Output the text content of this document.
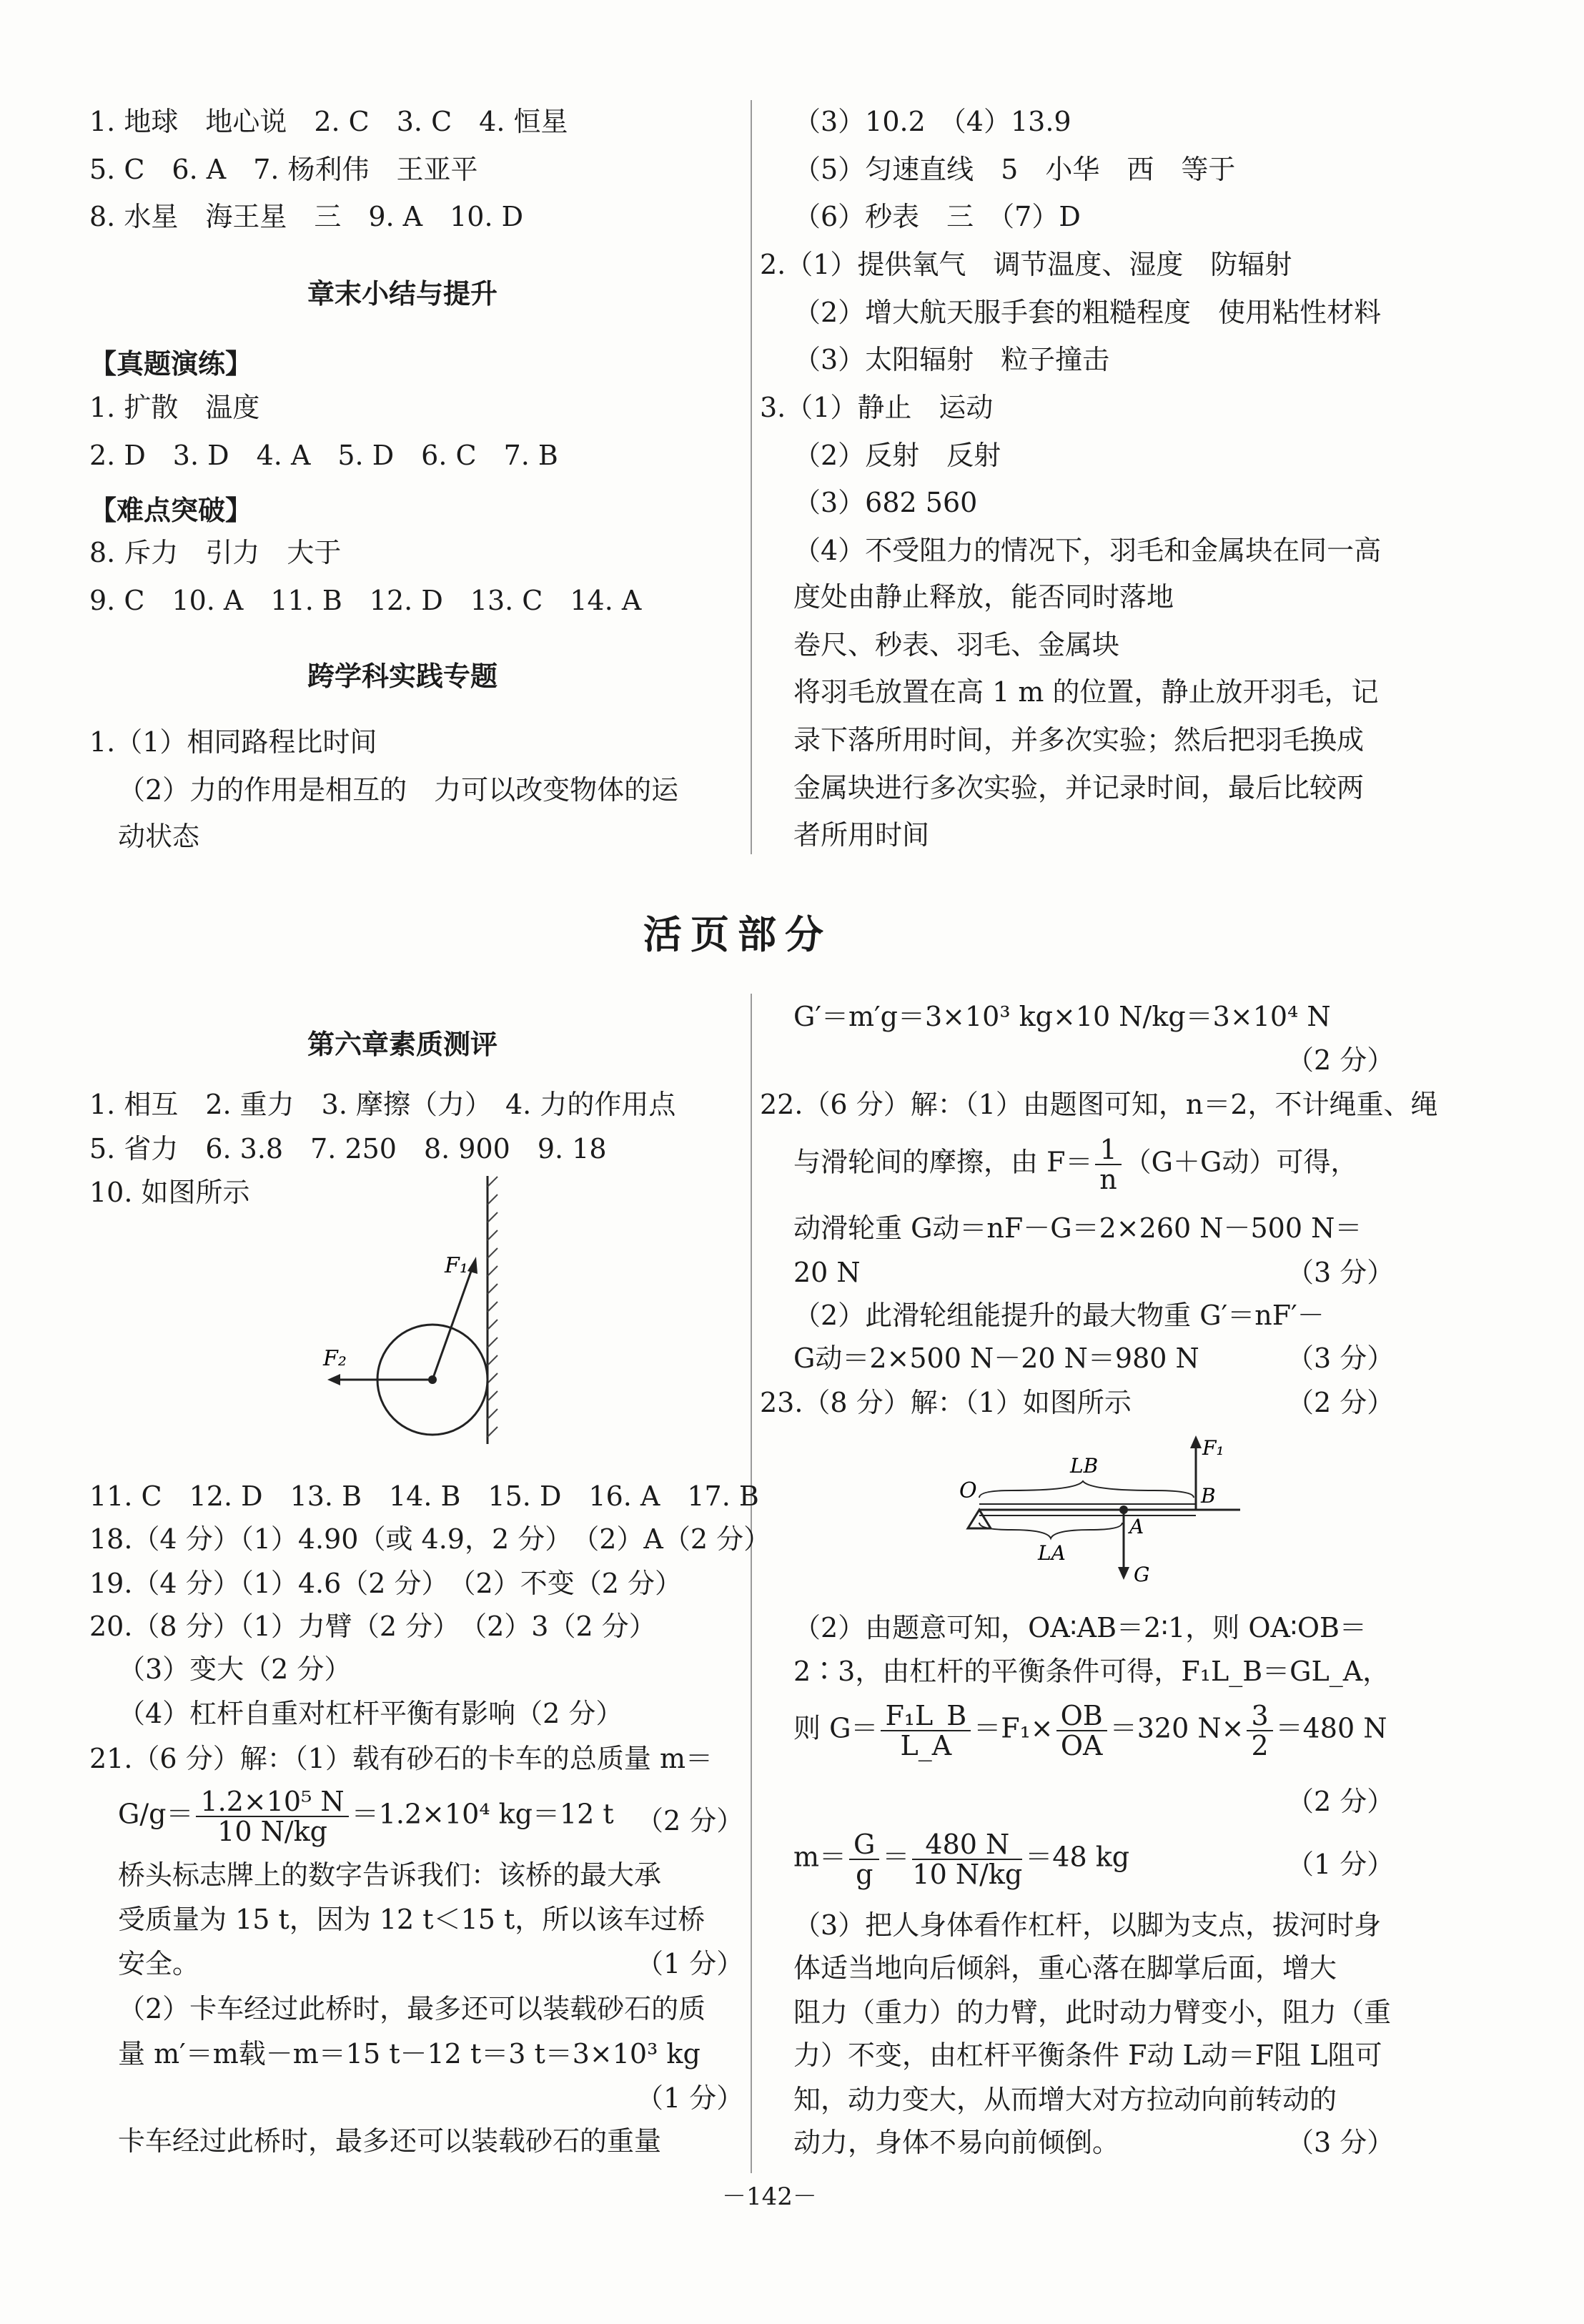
1. 地球　地心说　2. C　3. C　4. 恒星
5. C　6. A　7. 杨利伟　王亚平
8. 水星　海王星　三　9. A　10. D
章末小结与提升
【真题演练】
1. 扩散　温度
2. D　3. D　4. A　5. D　6. C　7. B
【难点突破】
8. 斥力　引力　大于
9. C　10. A　11. B　12. D　13. C　14. A
跨学科实践专题
1.（1）相同路程比时间
（2）力的作用是相互的　力可以改变物体的运
动状态
（3）10.2　（4）13.9
（5）匀速直线　5　小华　西　等于
（6）秒表　三　（7）D
2.（1）提供氧气　调节温度、湿度　防辐射
（2）增大航天服手套的粗糙程度　使用粘性材料
（3）太阳辐射　粒子撞击
3.（1）静止　运动
（2）反射　反射
（3）682 560
（4）不受阻力的情况下，羽毛和金属块在同一高
度处由静止释放，能否同时落地
卷尺、秒表、羽毛、金属块
将羽毛放置在高 1 m 的位置，静止放开羽毛，记
录下落所用时间，并多次实验；然后把羽毛换成
金属块进行多次实验，并记录时间，最后比较两
者所用时间
活页部分
第六章素质测评
1. 相互　2. 重力　3. 摩擦（力）　4. 力的作用点
5. 省力　6. 3.8　7. 250　8. 900　9. 18
10. 如图所示
F₁
F₂
11. C　12. D　13. B　14. B　15. D　16. A　17. B
18.（4 分）（1）4.90（或 4.9，2 分）　（2）A（2 分）
19.（4 分）（1）4.6（2 分）　（2）不变（2 分）
20.（8 分）（1）力臂（2 分）　（2）3（2 分）
（3）变大（2 分）
（4）杠杆自重对杠杆平衡有影响（2 分）
21.（6 分）解：（1）载有砂石的卡车的总质量 m＝
$G/g= \frac{\text{1.2×10⁵ N}}{10 N/kg} =1.2\times 10^4$ kg＝12 t （2 分）
桥头标志牌上的数字告诉我们：该桥的最大承
受质量为 15 t，因为 12 t＜15 t，所以该车过桥
安全。	（1 分）
（2）卡车经过此桥时，最多还可以装载砂石的质
量 m′＝m载－m＝15 t－12 t＝3 t＝3×10³ kg
（1 分）
卡车经过此桥时，最多还可以装载砂石的重量
G′＝m′g＝3×10³ kg×10 N/kg＝3×10⁴ N
（2 分）
22.（6 分）解：（1）由题图可知，n＝2，不计绳重、绳
与滑轮间的摩擦，由 $F= \frac{1}{n} (G+G$动）可得，
动滑轮重 G动＝nF－G＝2×260 N－500 N＝
20 N	（3 分）
（2）此滑轮组能提升的最大物重 G′＝nF′－
G动＝2×500 N－20 N＝980 N	（3 分）
23.（8 分）解：（1）如图所示	（2 分）
O
LB
LA
A
B
F₁
G
（2）由题意可知，OA∶AB＝2∶1，则 OA∶OB＝
2∶3，由杠杆的平衡条件可得，F₁L_B＝GL_A，
则 $G= \frac{\text{F₁L\_B}}{L\_A} =F_1\times \frac{OB}{OA} =320$ $N\times \frac{3}{2} =480$ N
（2 分）
$m= \frac{G}{g} = \frac{480 N}{10 N/kg} =48$ kg	（1 分）
（3）把人身体看作杠杆，以脚为支点，拔河时身
体适当地向后倾斜，重心落在脚掌后面，增大
阻力（重力）的力臂，此时动力臂变小，阻力（重
力）不变，由杠杆平衡条件 F动 L动＝F阻 L阻可
知，动力变大，从而增大对方拉动向前转动的
动力，身体不易向前倾倒。	（3 分）
－142－
